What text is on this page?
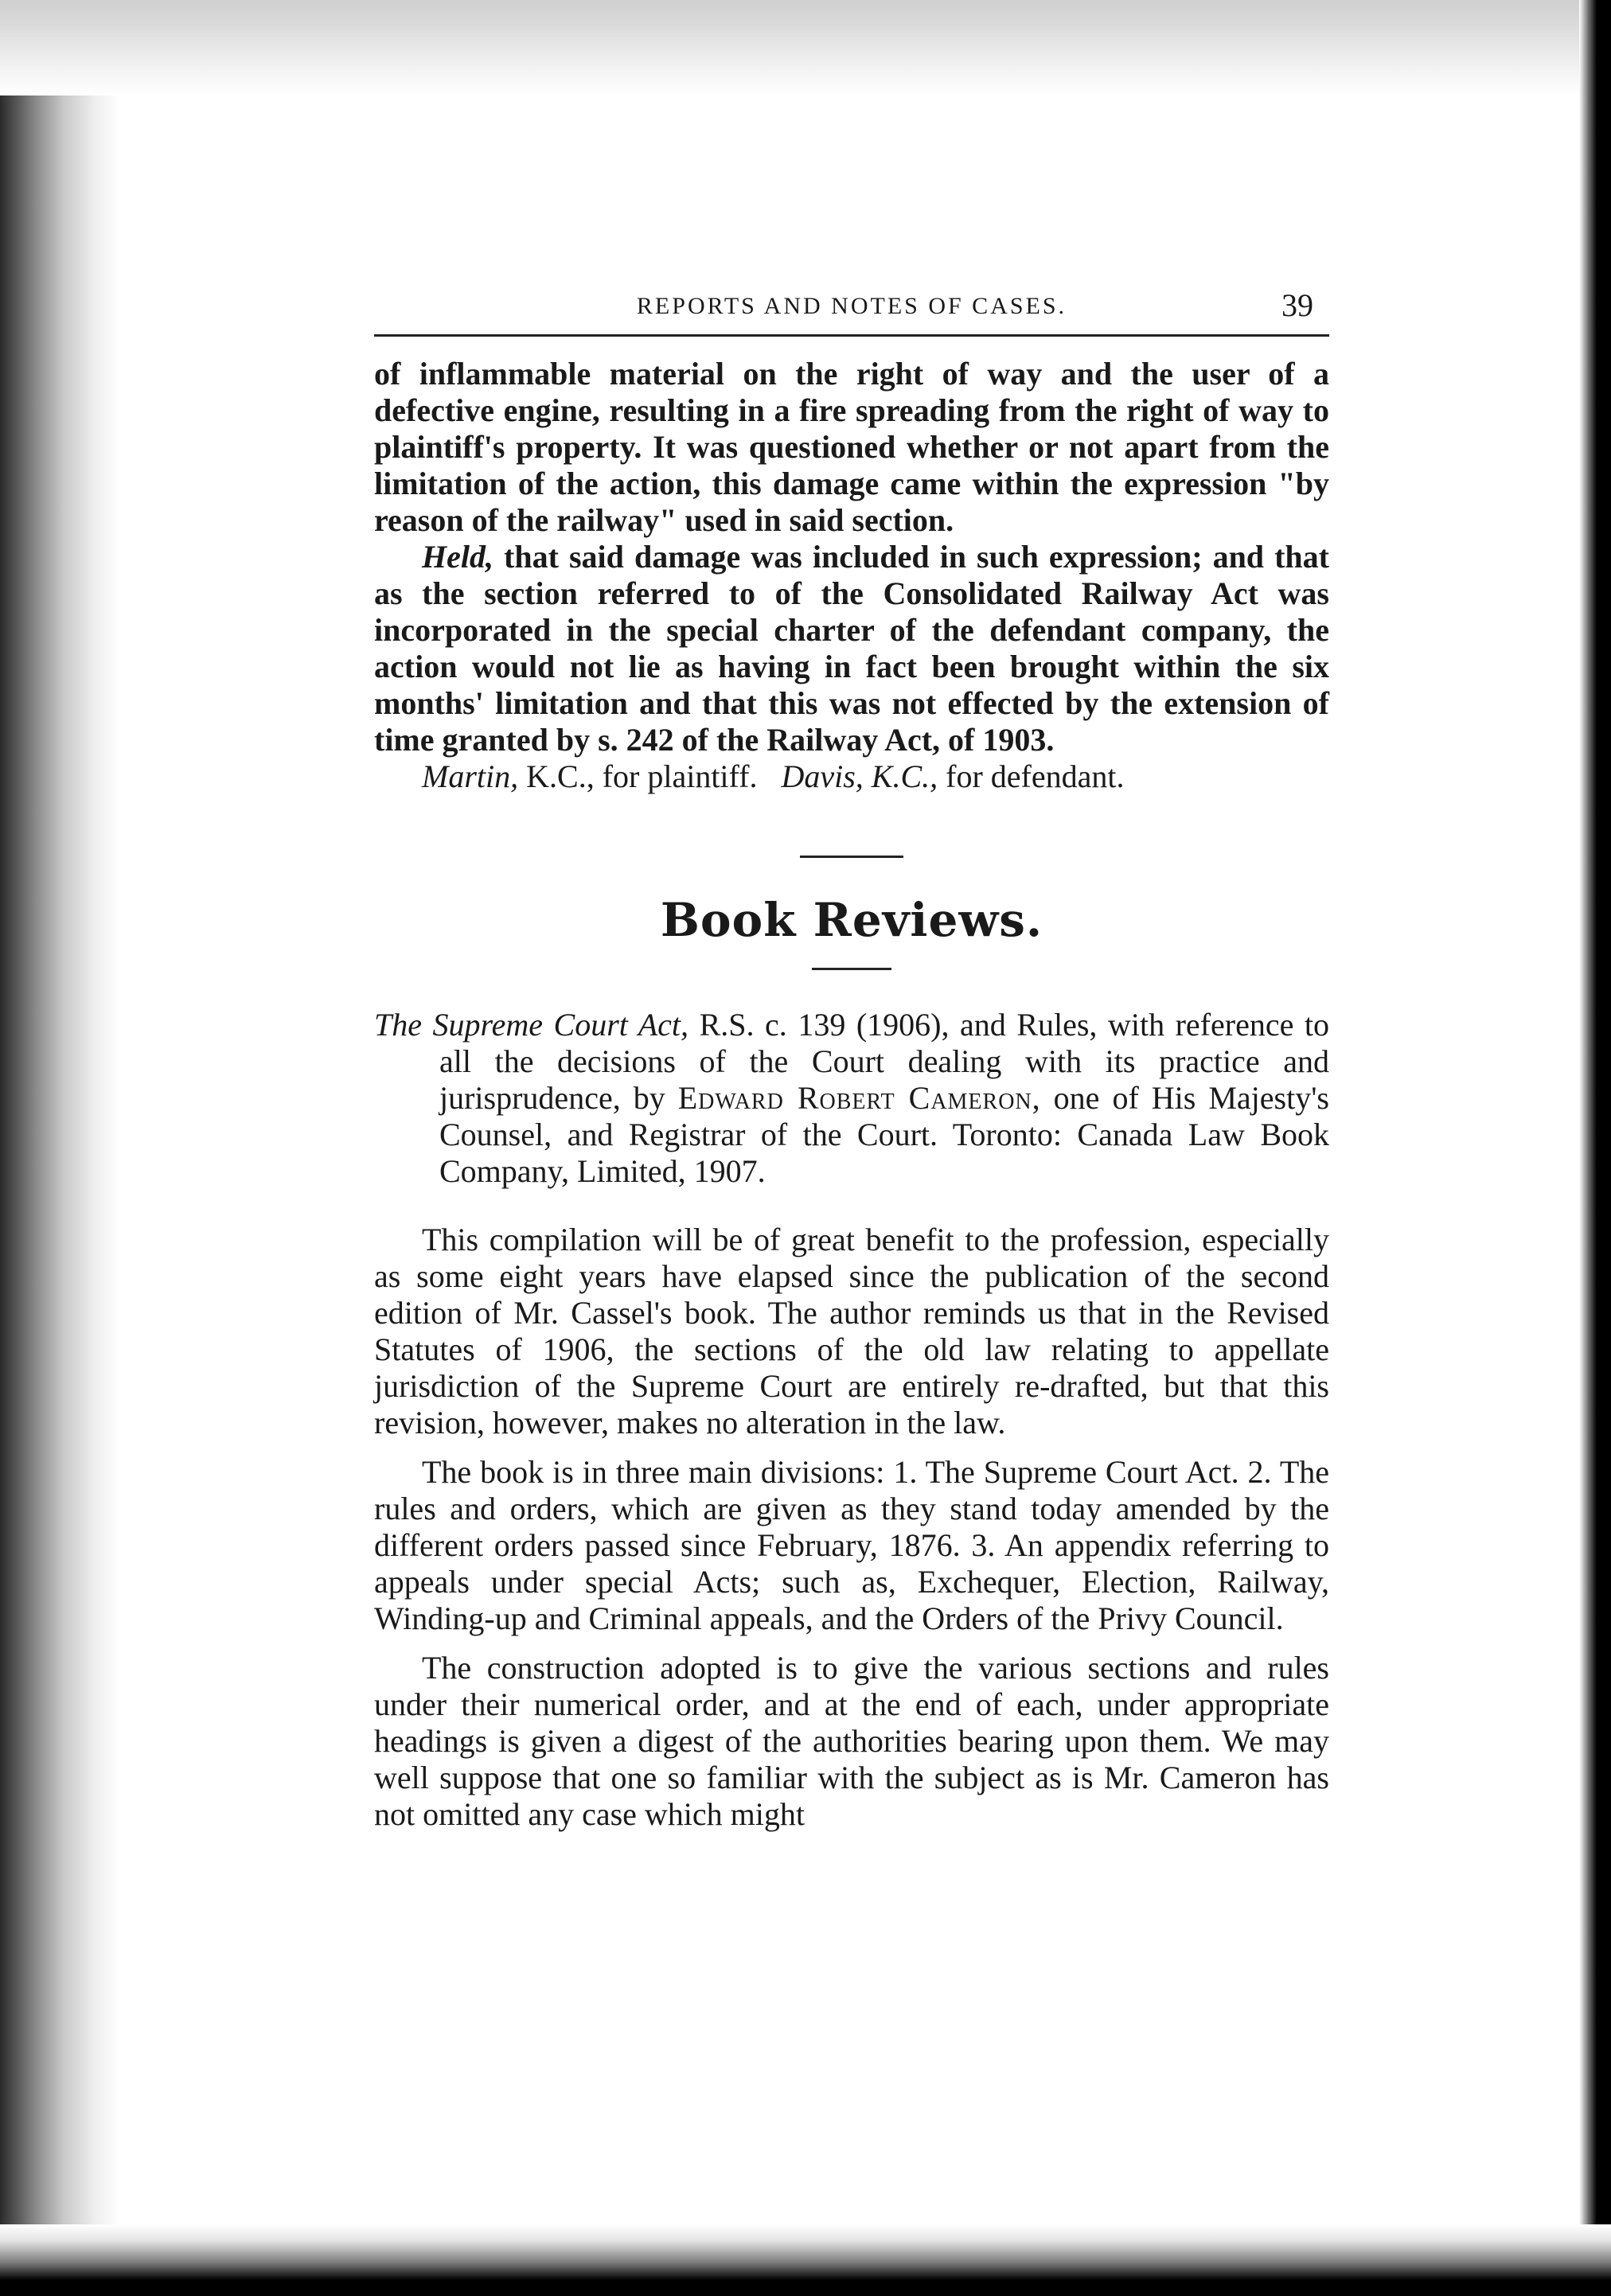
REPORTS AND NOTES OF CASES.	39

of inflammable material on the right of way and the user of a defective engine, resulting in a fire spreading from the right of way to plaintiff's property. It was questioned whether or not apart from the limitation of the action, this damage came within the expression "by reason of the railway" used in said section.

Held, that said damage was included in such expression; and that as the section referred to of the Consolidated Railway Act was incorporated in the special charter of the defendant company, the action would not lie as having in fact been brought within the six months' limitation and that this was not effected by the extension of time granted by s. 242 of the Railway Act, of 1903.

Martin, K.C., for plaintiff. Davis, K.C., for defendant.

Book Reviews.

The Supreme Court Act, R.S. c. 139 (1906), and Rules, with reference to all the decisions of the Court dealing with its practice and jurisprudence, by Edward Robert Cameron, one of His Majesty's Counsel, and Registrar of the Court. Toronto: Canada Law Book Company, Limited, 1907.

This compilation will be of great benefit to the profession, especially as some eight years have elapsed since the publication of the second edition of Mr. Cassel's book. The author reminds us that in the Revised Statutes of 1906, the sections of the old law relating to appellate jurisdiction of the Supreme Court are entirely re-drafted, but that this revision, however, makes no alteration in the law.

The book is in three main divisions: 1. The Supreme Court Act. 2. The rules and orders, which are given as they stand today amended by the different orders passed since February, 1876. 3. An appendix referring to appeals under special Acts; such as, Exchequer, Election, Railway, Winding-up and Criminal appeals, and the Orders of the Privy Council.

The construction adopted is to give the various sections and rules under their numerical order, and at the end of each, under appropriate headings is given a digest of the authorities bearing upon them. We may well suppose that one so familiar with the subject as is Mr. Cameron has not omitted any case which might
